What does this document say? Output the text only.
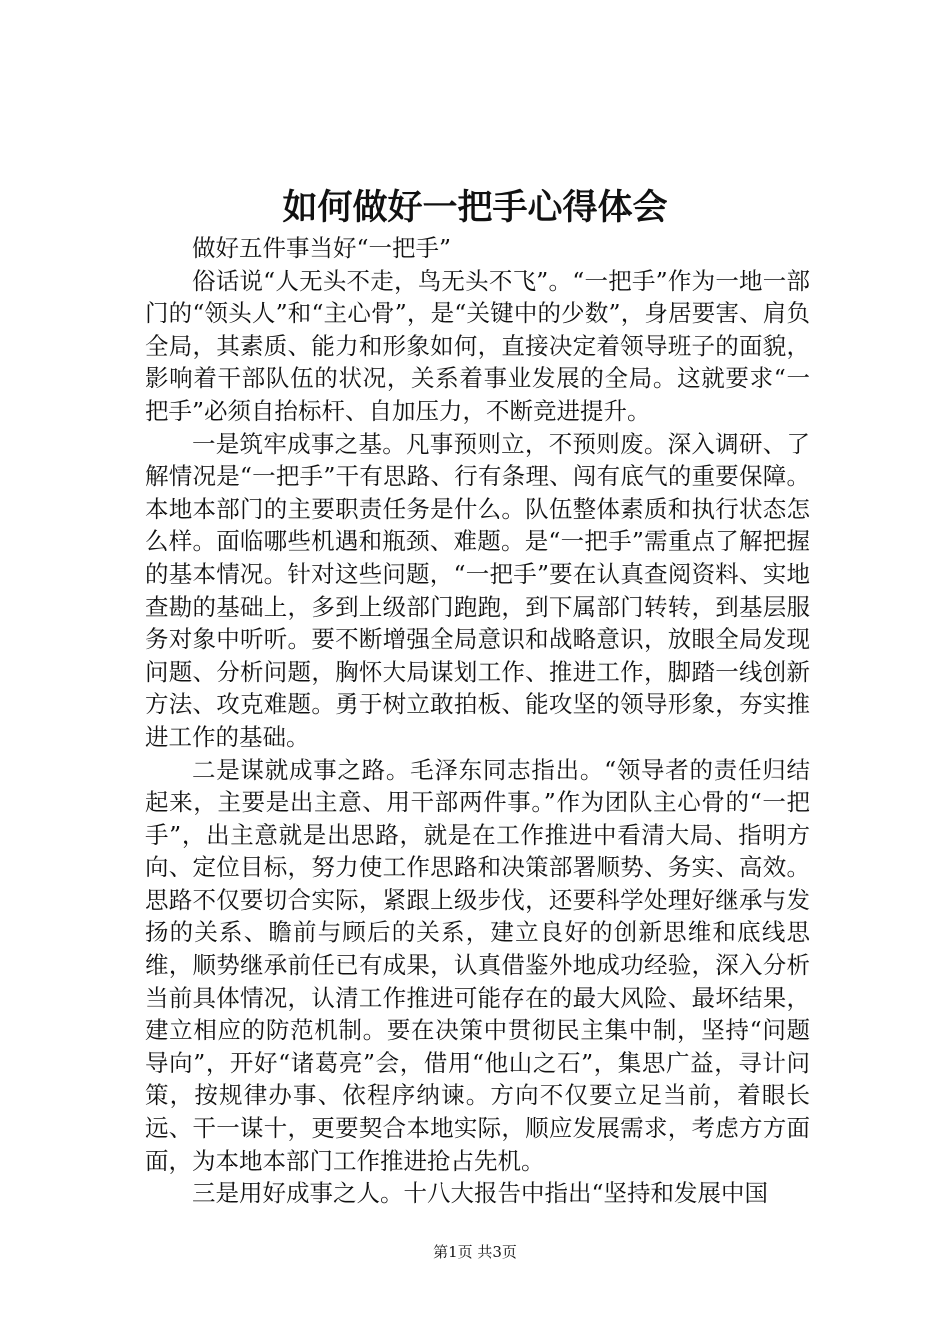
如何做好一把手心得体会

做好五件事当好“一把手”

俗话说“人无头不走，鸟无头不飞”。“一把手”作为一地一部门的“领头人”和“主心骨”，是“关键中的少数”，身居要害、肩负全局，其素质、能力和形象如何，直接决定着领导班子的面貌，影响着干部队伍的状况，关系着事业发展的全局。这就要求“一把手”必须自抬标杆、自加压力，不断竞进提升。

一是筑牢成事之基。凡事预则立，不预则废。深入调研、了解情况是“一把手”干有思路、行有条理、闯有底气的重要保障。本地本部门的主要职责任务是什么。队伍整体素质和执行状态怎么样。面临哪些机遇和瓶颈、难题。是“一把手”需重点了解把握的基本情况。针对这些问题，“一把手”要在认真查阅资料、实地查勘的基础上，多到上级部门跑跑，到下属部门转转，到基层服务对象中听听。要不断增强全局意识和战略意识，放眼全局发现问题、分析问题，胸怀大局谋划工作、推进工作，脚踏一线创新方法、攻克难题。勇于树立敢拍板、能攻坚的领导形象，夯实推进工作的基础。

二是谋就成事之路。毛泽东同志指出。“领导者的责任归结起来，主要是出主意、用干部两件事。”作为团队主心骨的“一把手”，出主意就是出思路，就是在工作推进中看清大局、指明方向、定位目标，努力使工作思路和决策部署顺势、务实、高效。思路不仅要切合实际，紧跟上级步伐，还要科学处理好继承与发扬的关系、瞻前与顾后的关系，建立良好的创新思维和底线思维，顺势继承前任已有成果，认真借鉴外地成功经验，深入分析当前具体情况，认清工作推进可能存在的最大风险、最坏结果，建立相应的防范机制。要在决策中贯彻民主集中制，坚持“问题导向”，开好“诸葛亮”会，借用“他山之石”，集思广益，寻计问策，按规律办事、依程序纳谏。方向不仅要立足当前，着眼长远、干一谋十，更要契合本地实际，顺应发展需求，考虑方方面面，为本地本部门工作推进抢占先机。

三是用好成事之人。十八大报告中指出“坚持和发展中国

第1页 共3页
